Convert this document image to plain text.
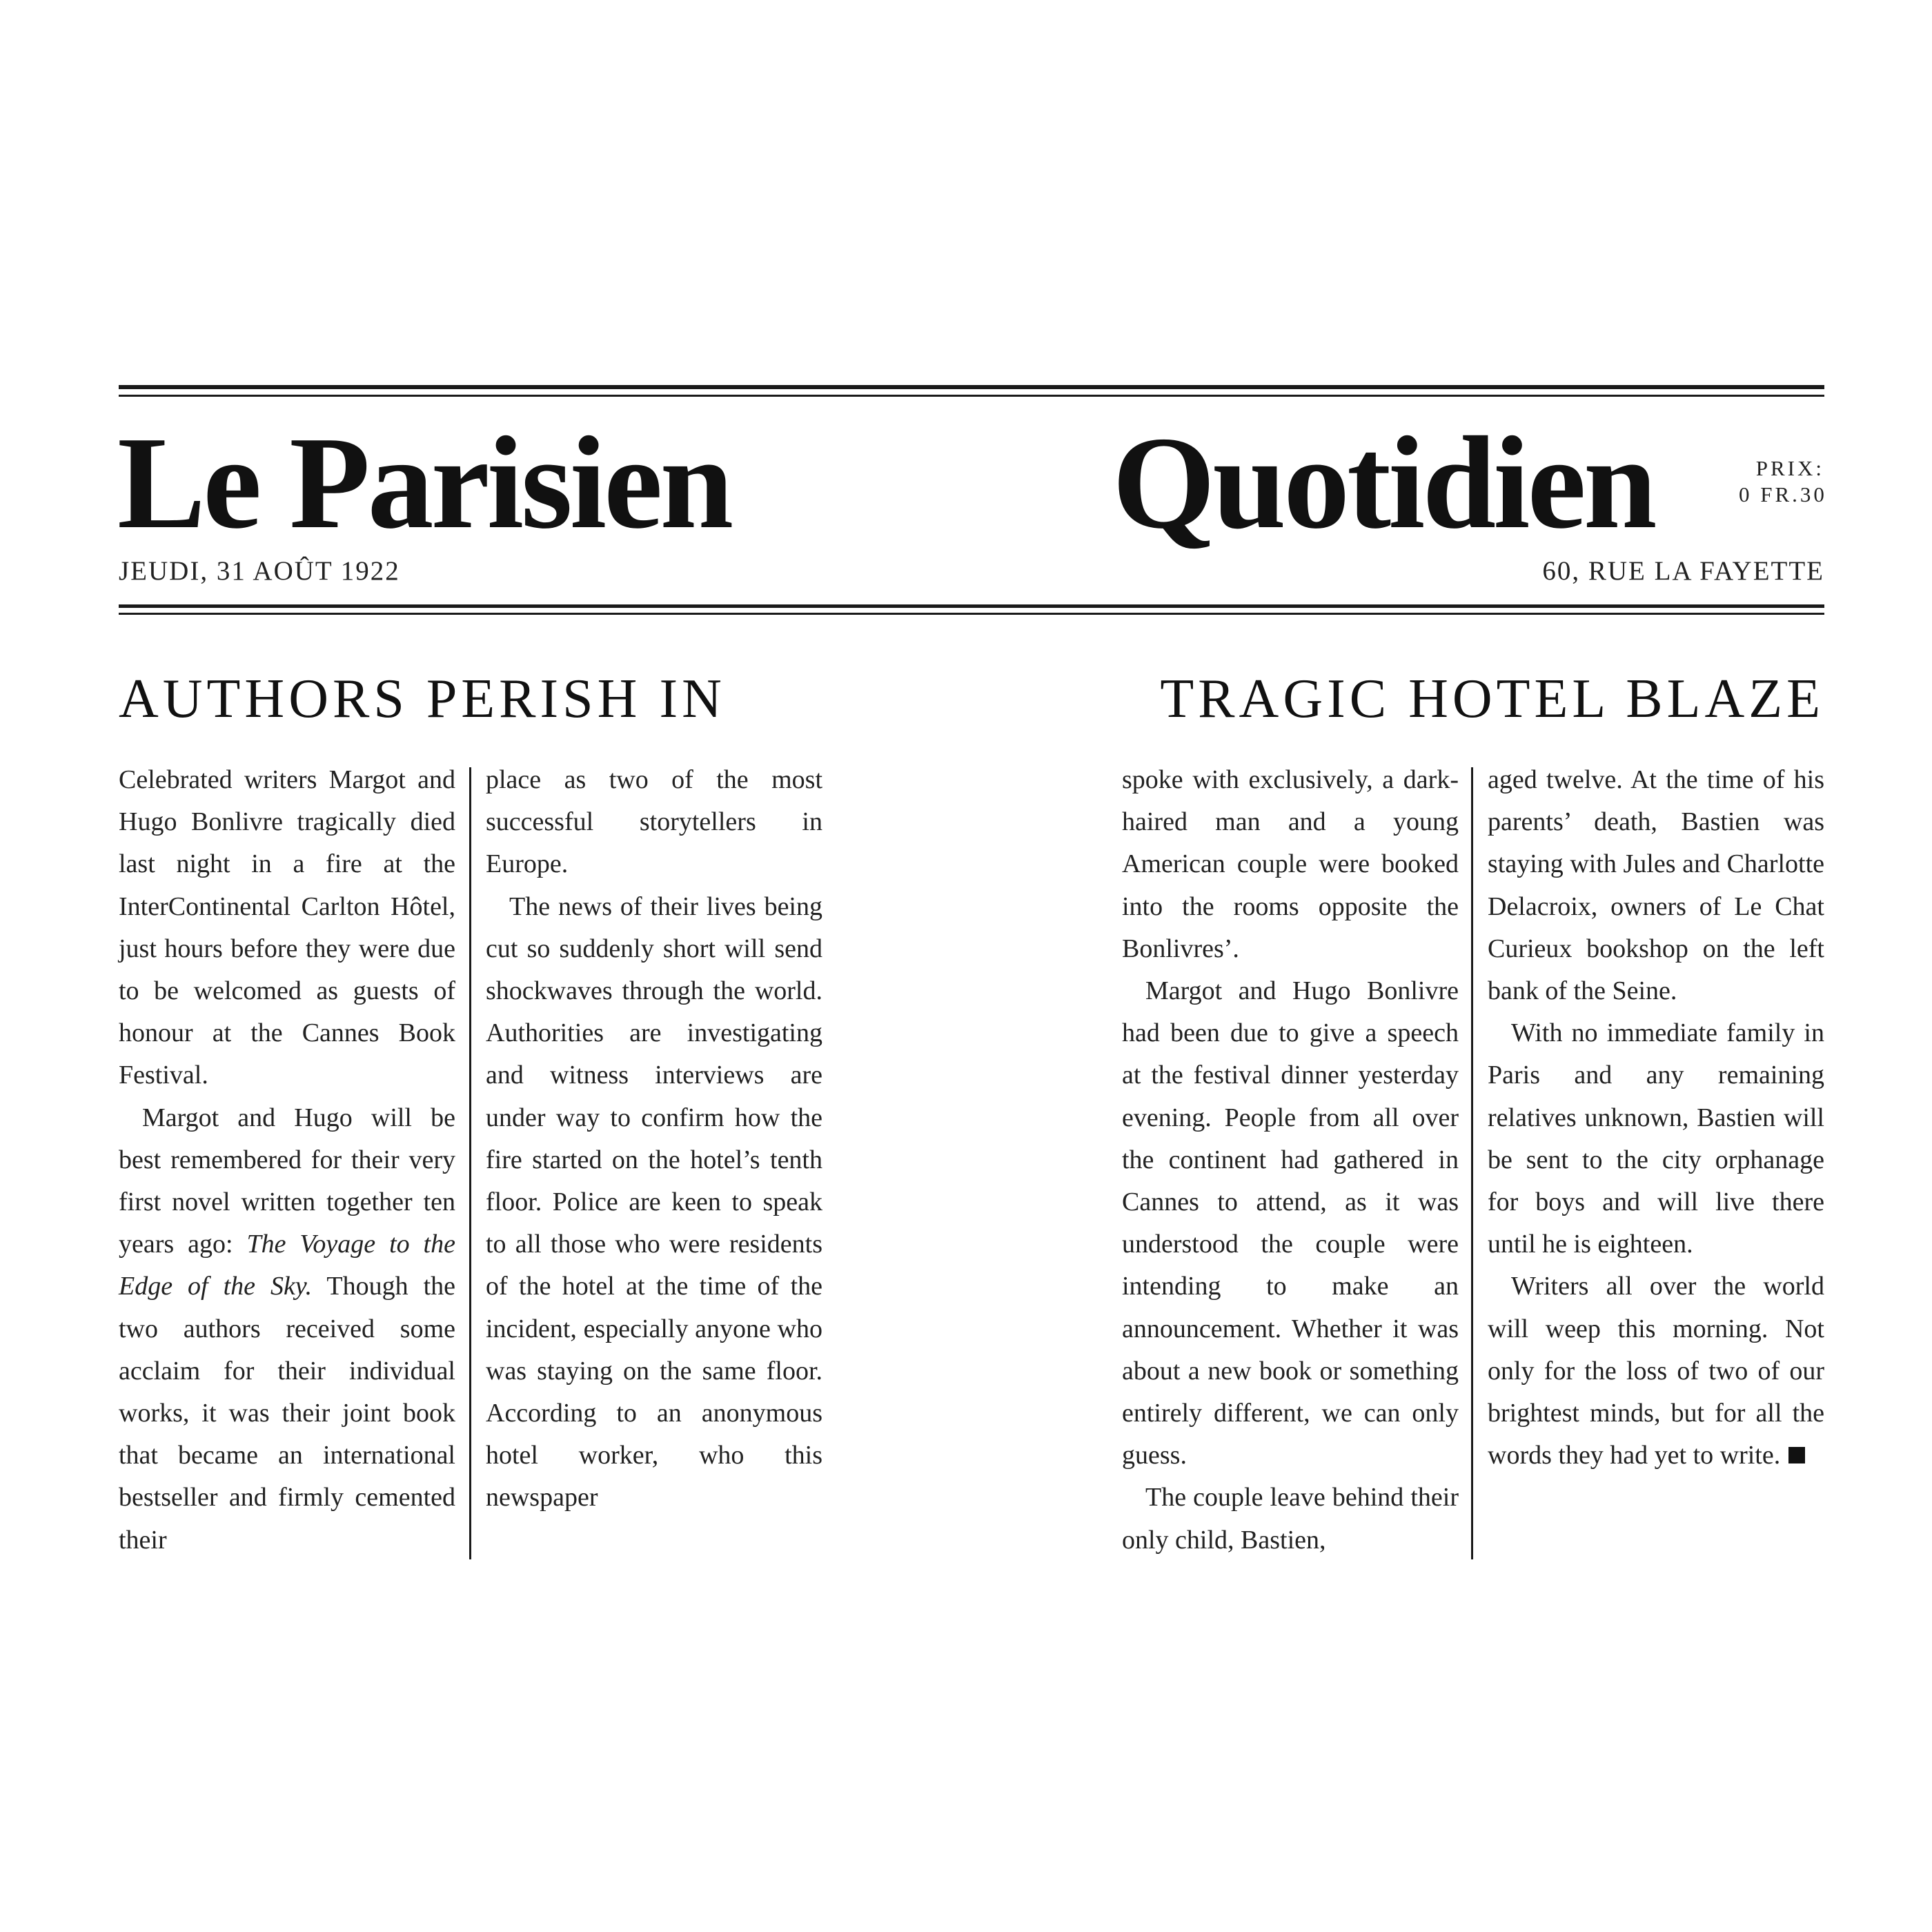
Le Parisien	Quotidien	PRIX:
0 FR.30
JEUDI, 31 AOÛT 1922	60, RUE LA FAYETTE
AUTHORS PERISH IN	TRAGIC HOTEL BLAZE

Celebrated writers Margot and Hugo Bonlivre tragically died last night in a fire at the InterContinental Carlton Hôtel, just hours before they were due to be welcomed as guests of honour at the Cannes Book Festival.

Margot and Hugo will be best remembered for their very first novel written together ten years ago: The Voyage to the Edge of the Sky. Though the two authors received some acclaim for their individual works, it was their joint book that became an international bestseller and firmly cemented their

place as two of the most successful storytellers in Europe.

The news of their lives being cut so suddenly short will send shockwaves through the world. Authorities are investigating and witness interviews are under way to confirm how the fire started on the hotel’s tenth floor. Police are keen to speak to all those who were residents of the hotel at the time of the incident, especially anyone who was staying on the same floor. According to an anonymous hotel worker, who this newspaper

spoke with exclusively, a dark-haired man and a young American couple were booked into the rooms opposite the Bonlivres’.

Margot and Hugo Bonlivre had been due to give a speech at the festival dinner yesterday evening. People from all over the continent had gathered in Cannes to attend, as it was understood the couple were intending to make an announcement. Whether it was about a new book or something entirely different, we can only guess.

The couple leave behind their only child, Bastien,

aged twelve. At the time of his parents’ death, Bastien was staying with Jules and Charlotte Delacroix, owners of Le Chat Curieux bookshop on the left bank of the Seine.

With no immediate family in Paris and any remaining relatives unknown, Bastien will be sent to the city orphanage for boys and will live there until he is eighteen.

Writers all over the world will weep this morning. Not only for the loss of two of our brightest minds, but for all the words they had yet to write.
